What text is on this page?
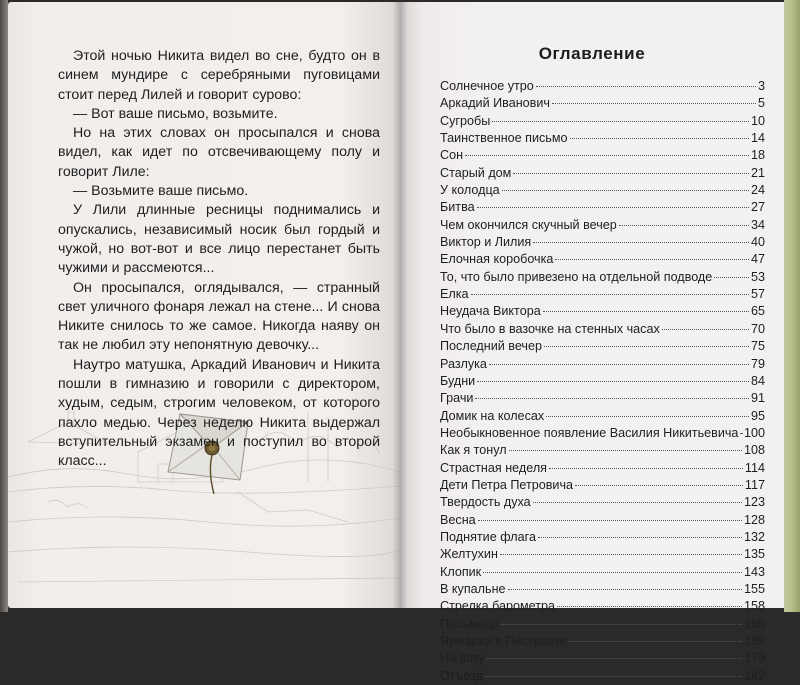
Этой ночью Никита видел во сне, будто он в синем мундире с серебряными пуговицами стоит перед Лилей и говорит сурово:

— Вот ваше письмо, возьмите.

Но на этих словах он просыпался и снова видел, как идет по отсвечивающему полу и говорит Лиле:

— Возьмите ваше письмо.

У Лили длинные ресницы поднимались и опускались, независимый носик был гордый и чужой, но вот-вот и все лицо перестанет быть чужими и рассмеются...

Он просыпался, оглядывался, — странный свет уличного фонаря лежал на стене... И снова Никите снилось то же самое. Никогда наяву он так не любил эту непонятную девочку...

Наутро матушка, Аркадий Иванович и Никита пошли в гимназию и говорили с директором, худым, седым, строгим человеком, от которого пахло медью. Через неделю Никита выдержал вступительный экзамен и поступил во второй класс...

Оглавление
Солнечное утро	3
Аркадий Иванович	5
Сугробы	10
Таинственное письмо	14
Сон	18
Старый дом	21
У колодца	24
Битва	27
Чем окончился скучный вечер	34
Виктор и Лилия	40
Елочная коробочка	47
То, что было привезено на отдельной подводе	53
Елка	57
Неудача Виктора	65
Что было в вазочке на стенных часах	70
Последний вечер	75
Разлука	79
Будни	84
Грачи	91
Домик на колесах	95
Необыкновенное появление Василия Никитьевича 100
Как я тонул	108
Страстная неделя	114
Дети Петра Петровича	117
Твердость духа	123
Весна	128
Поднятие флага	132
Желтухин	135
Клопик	143
В купальне	155
Стрелка барометра	158
Письмецо	165
Ярмарка в Пестравке	169
На возу	179
Отъезд	182
